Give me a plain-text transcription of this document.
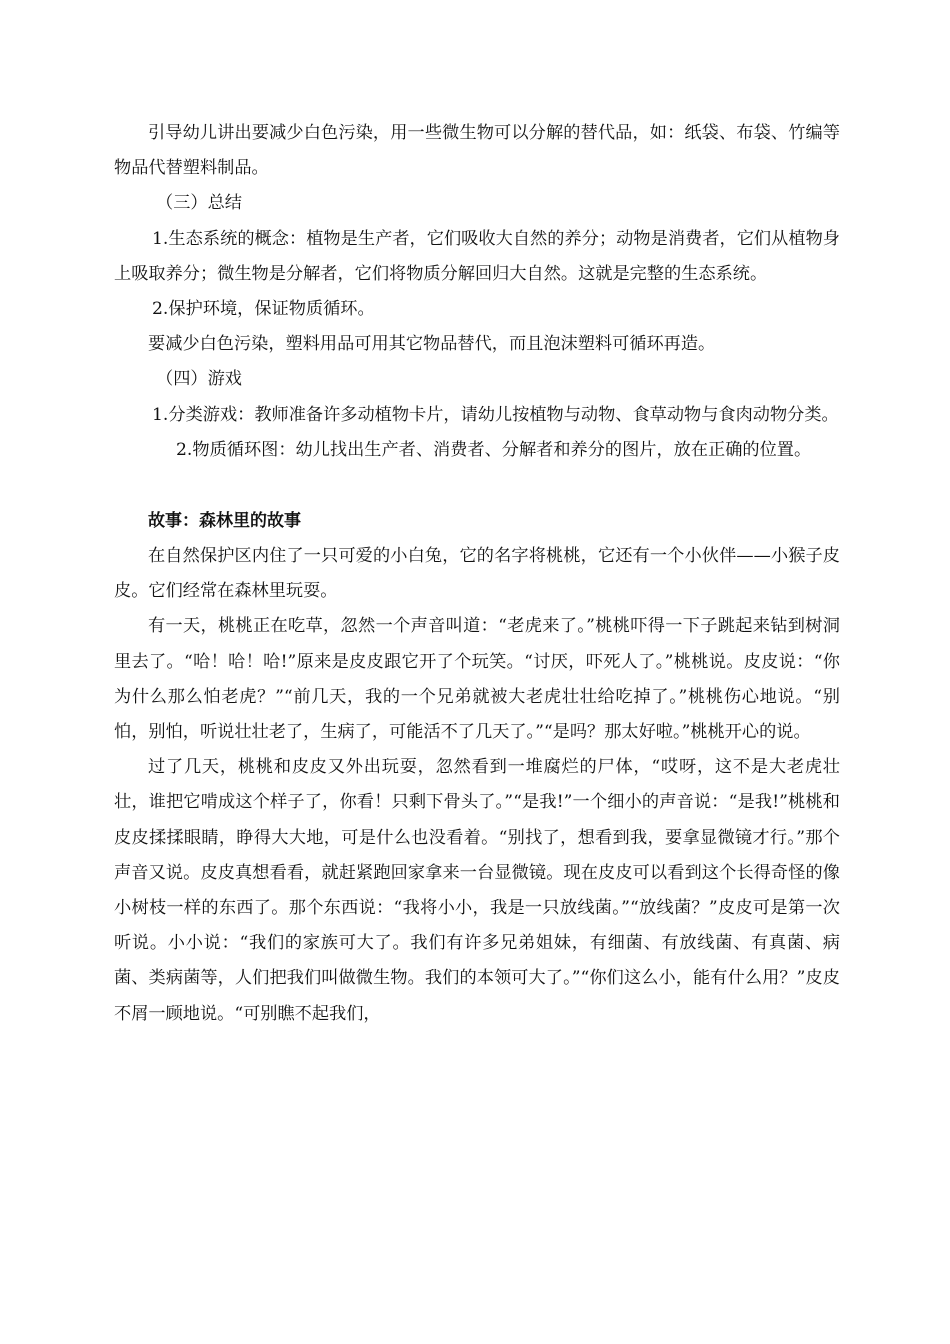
引导幼儿讲出要减少白色污染，用一些微生物可以分解的替代品，如：纸袋、布袋、竹编等物品代替塑料制品。

（三）总结

1.生态系统的概念：植物是生产者，它们吸收大自然的养分；动物是消费者，它们从植物身上吸取养分；微生物是分解者，它们将物质分解回归大自然。这就是完整的生态系统。

2.保护环境，保证物质循环。

要减少白色污染，塑料用品可用其它物品替代，而且泡沫塑料可循环再造。

（四）游戏

1.分类游戏：教师准备许多动植物卡片，请幼儿按植物与动物、食草动物与食肉动物分类。

2.物质循环图：幼儿找出生产者、消费者、分解者和养分的图片，放在正确的位置。

故事：森林里的故事

在自然保护区内住了一只可爱的小白兔，它的名字将桃桃，它还有一个小伙伴——小猴子皮皮。它们经常在森林里玩耍。

有一天，桃桃正在吃草，忽然一个声音叫道：“老虎来了。”桃桃吓得一下子跳起来钻到树洞里去了。“哈！哈！哈!”原来是皮皮跟它开了个玩笑。“讨厌，吓死人了。”桃桃说。皮皮说：“你为什么那么怕老虎？”“前几天，我的一个兄弟就被大老虎壮壮给吃掉了。”桃桃伤心地说。“别怕，别怕，听说壮壮老了，生病了，可能活不了几天了。”“是吗？那太好啦。”桃桃开心的说。

过了几天，桃桃和皮皮又外出玩耍，忽然看到一堆腐烂的尸体，“哎呀，这不是大老虎壮壮，谁把它啃成这个样子了，你看！只剩下骨头了。”“是我!”一个细小的声音说：“是我!”桃桃和皮皮揉揉眼睛，睁得大大地，可是什么也没看着。“别找了，想看到我，要拿显微镜才行。”那个声音又说。皮皮真想看看，就赶紧跑回家拿来一台显微镜。现在皮皮可以看到这个长得奇怪的像小树枝一样的东西了。那个东西说：“我将小小，我是一只放线菌。”“放线菌？”皮皮可是第一次听说。小小说：“我们的家族可大了。我们有许多兄弟姐妹，有细菌、有放线菌、有真菌、病菌、类病菌等，人们把我们叫做微生物。我们的本领可大了。”“你们这么小，能有什么用？”皮皮不屑一顾地说。“可别瞧不起我们，
